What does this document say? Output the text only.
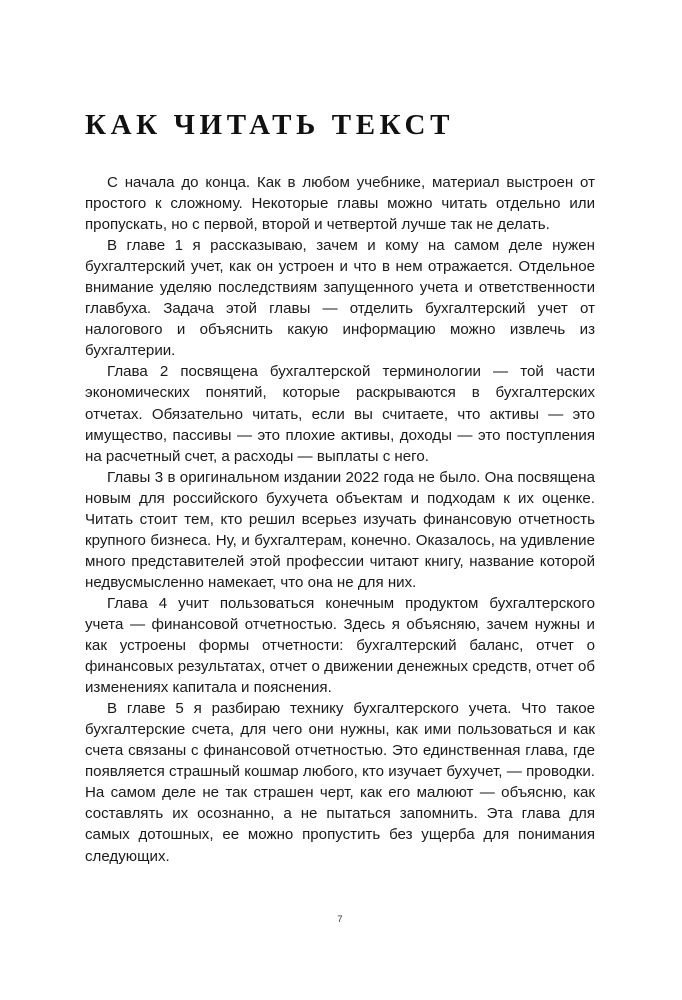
КАК ЧИТАТЬ ТЕКСТ

С начала до конца. Как в любом учебнике, материал выстроен от простого к сложному. Некоторые главы можно читать отдельно или пропускать, но с первой, второй и четвертой лучше так не делать.

В главе 1 я рассказываю, зачем и кому на самом деле нужен бухгалтерский учет, как он устроен и что в нем отражается. Отдельное внимание уделяю последствиям запущенного учета и ответственности главбуха. Задача этой главы — отделить бухгалтерский учет от налогового и объяснить какую информацию можно извлечь из бухгалтерии.

Глава 2 посвящена бухгалтерской терминологии — той части экономических понятий, которые раскрываются в бухгалтерских отчетах. Обязательно читать, если вы считаете, что активы — это имущество, пассивы — это плохие активы, доходы — это поступления на расчетный счет, а расходы — выплаты с него.

Главы 3 в оригинальном издании 2022 года не было. Она посвящена новым для российского бухучета объектам и подходам к их оценке. Читать стоит тем, кто решил всерьез изучать финансовую отчетность крупного бизнеса. Ну, и бухгалтерам, конечно. Оказалось, на удивление много представителей этой профессии читают книгу, название которой недвусмысленно намекает, что она не для них.

Глава 4 учит пользоваться конечным продуктом бухгалтерского учета — финансовой отчетностью. Здесь я объясняю, зачем нужны и как устроены формы отчетности: бухгалтерский баланс, отчет о финансовых результатах, отчет о движении денежных средств, отчет об изменениях капитала и пояснения.

В главе 5 я разбираю технику бухгалтерского учета. Что такое бухгалтерские счета, для чего они нужны, как ими пользоваться и как счета связаны с финансовой отчетностью. Это единственная глава, где появляется страшный кошмар любого, кто изучает бухучет, — проводки. На самом деле не так страшен черт, как его малюют — объясню, как составлять их осознанно, а не пытаться запомнить. Эта глава для самых дотошных, ее можно пропустить без ущерба для понимания следующих.

7
